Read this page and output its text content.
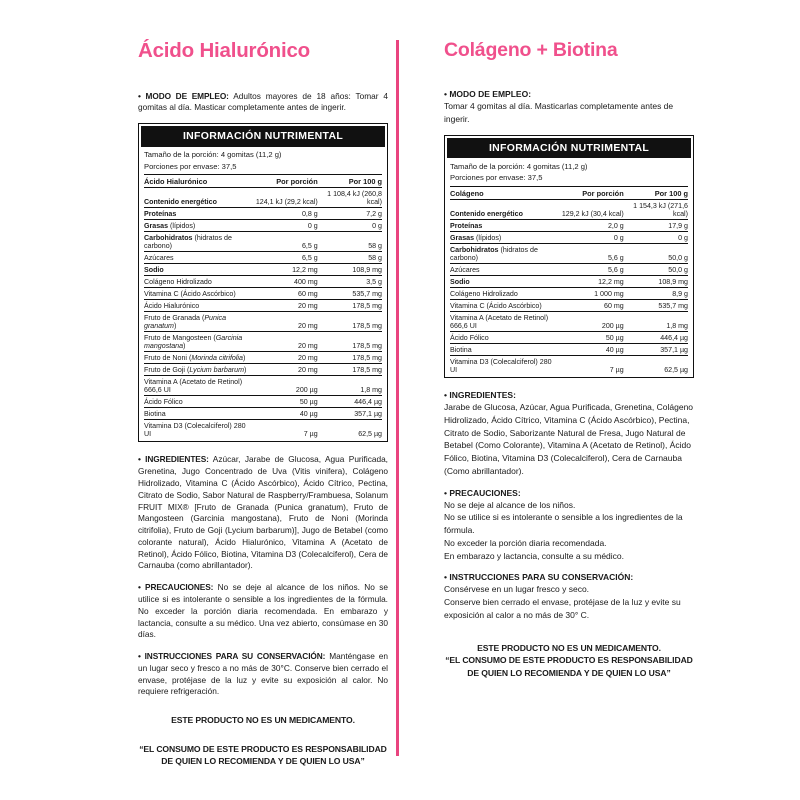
Ácido Hialurónico

• MODO DE EMPLEO: Adultos mayores de 18 años: Tomar 4 gomitas al día. Masticar completamente antes de ingerir.

INFORMACIÓN NUTRIMENTAL
Tamaño de la porción: 4 gomitas (11,2 g)
Porciones por envase: 37,5
Ácido Hialurónico	Por porción	Por 100 g
Contenido energético	124,1 kJ (29,2 kcal)	1 108,4 kJ (260,8 kcal)
Proteínas	0,8 g	7,2 g
Grasas (lípidos)	0 g	0 g
Carbohidratos (hidratos de carbono)	6,5 g	58 g
Azúcares	6,5 g	58 g
Sodio	12,2 mg	108,9 mg
Colágeno Hidrolizado	400 mg	3,5 g
Vitamina C (Ácido Ascórbico)	60 mg	535,7 mg
Ácido Hialurónico	20 mg	178,5 mg
Fruto de Granada (Punica granatum)	20 mg	178,5 mg
Fruto de Mangosteen (Garcinia mangostana)	20 mg	178,5 mg
Fruto de Noni (Morinda citrifolia)	20 mg	178,5 mg
Fruto de Goji (Lycium barbarum)	20 mg	178,5 mg
Vitamina A (Acetato de Retinol) 666,6 UI	200 µg	1,8 mg
Ácido Fólico	50 µg	446,4 µg
Biotina	40 µg	357,1 µg
Vitamina D3 (Colecalciferol) 280 UI	7 µg	62,5 µg

• INGREDIENTES: Azúcar, Jarabe de Glucosa, Agua Purificada, Grenetina, Jugo Concentrado de Uva (Vitis vinifera), Colágeno Hidrolizado, Vitamina C (Ácido Ascórbico), Ácido Cítrico, Pectina, Citrato de Sodio, Sabor Natural de Raspberry/Frambuesa, Solanum FRUIT MIX® [Fruto de Granada (Punica granatum), Fruto de Mangosteen (Garcinia mangostana), Fruto de Noni (Morinda citrifolia), Fruto de Goji (Lycium barbarum)], Jugo de Betabel (como colorante natural), Ácido Hialurónico, Vitamina A (Acetato de Retinol), Ácido Fólico, Biotina, Vitamina D3 (Colecalciferol), Cera de Carnauba (como abrillantador).

• PRECAUCIONES: No se deje al alcance de los niños. No se utilice si es intolerante o sensible a los ingredientes de la fórmula. No exceder la porción diaria recomendada. En embarazo y lactancia, consulte a su médico. Una vez abierto, consúmase en 30 días.

• INSTRUCCIONES PARA SU CONSERVACIÓN: Manténgase en un lugar seco y fresco a no más de 30°C. Conserve bien cerrado el envase, protéjase de la luz y evite su exposición al calor. No requiere refrigeración.

ESTE PRODUCTO NO ES UN MEDICAMENTO.
“EL CONSUMO DE ESTE PRODUCTO ES RESPONSABILIDAD DE QUIEN LO RECOMIENDA Y DE QUIEN LO USA”
Colágeno + Biotina
• MODO DE EMPLEO:

Tomar 4 gomitas al día. Masticarlas completamente antes de ingerir.

INFORMACIÓN NUTRIMENTAL
Tamaño de la porción: 4 gomitas (11,2 g)
Porciones por envase: 37,5
Colágeno	Por porción	Por 100 g
Contenido energético	129,2 kJ (30,4 kcal)	1 154,3 kJ (271,6 kcal)
Proteínas	2,0 g	17,9 g
Grasas (lípidos)	0 g	0 g
Carbohidratos (hidratos de carbono)	5,6 g	50,0 g
Azúcares	5,6 g	50,0 g
Sodio	12,2 mg	108,9 mg
Colágeno Hidrolizado	1 000 mg	8,9 g
Vitamina C (Ácido Ascórbico)	60 mg	535,7 mg
Vitamina A (Acetato de Retinol) 666,6 UI	200 µg	1,8 mg
Ácido Fólico	50 µg	446,4 µg
Biotina	40 µg	357,1 µg
Vitamina D3 (Colecalciferol) 280 UI	7 µg	62,5 µg
• INGREDIENTES:

Jarabe de Glucosa, Azúcar, Agua Purificada, Grenetina, Colágeno Hidrolizado, Ácido Cítrico, Vitamina C (Ácido Ascórbico), Pectina, Citrato de Sodio, Saborizante Natural de Fresa, Jugo Natural de Betabel (Como Colorante), Vitamina A (Acetato de Retinol), Ácido Fólico, Biotina, Vitamina D3 (Colecalciferol), Cera de Carnauba (Como abrillantador).

• PRECAUCIONES:

No se deje al alcance de los niños.
No se utilice si es intolerante o sensible a los ingredientes de la fórmula.
No exceder la porción diaria recomendada.
En embarazo y lactancia, consulte a su médico.

• INSTRUCCIONES PARA SU CONSERVACIÓN:

Consérvese en un lugar fresco y seco.
Conserve bien cerrado el envase, protéjase de la luz y evite su exposición al calor a no más de 30° C.

ESTE PRODUCTO NO ES UN MEDICAMENTO.
“EL CONSUMO DE ESTE PRODUCTO ES RESPONSABILIDAD DE QUIEN LO RECOMIENDA Y DE QUIEN LO USA”
